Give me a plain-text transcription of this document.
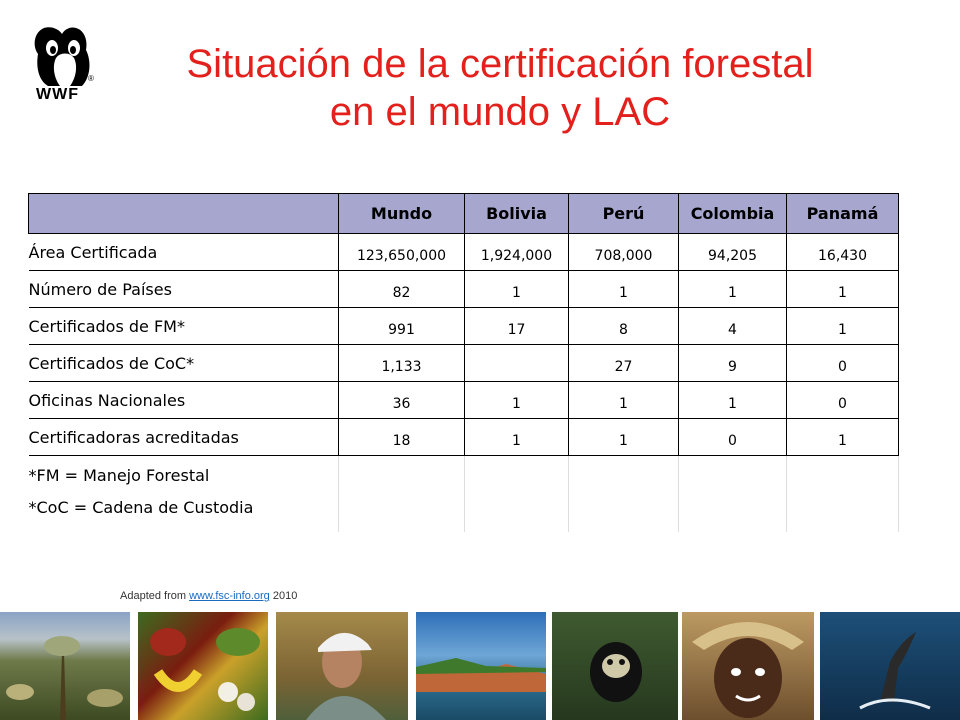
WWF
®	Situación de la certificación forestal
en el mundo y LAC
	Mundo	Bolivia	Perú	Colombia	Panamá
Área Certificada	123,650,000	1,924,000	708,000	94,205	16,430
Número de Países	82	1	1	1	1
Certificados de FM*	991	17	8	4	1
Certificados de CoC*	1,133		27	9	0
Oficinas Nacionales	36	1	1	1	0
Certificadoras acreditadas	18	1	1	0	1

*FM = Manejo Forestal
*CoC = Cadena de Custodia					

Adapted from www.fsc-info.org 2010
